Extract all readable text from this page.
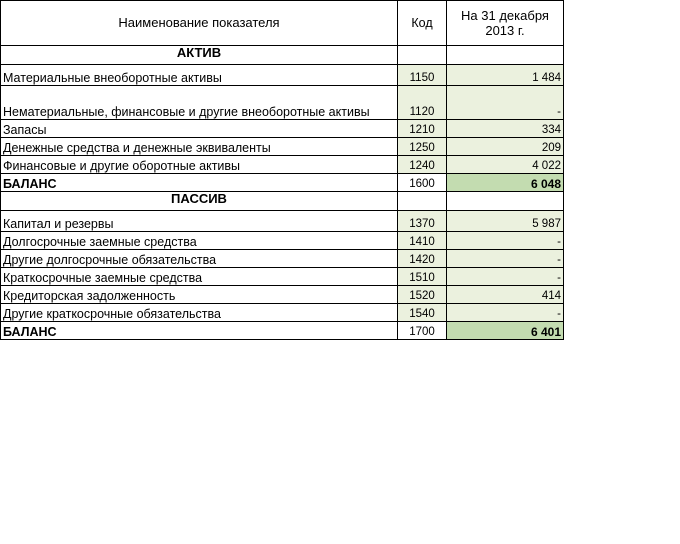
Наименование показателя	Код	На 31 декабря 2013 г.
АКТИВ		
Материальные внеоборотные активы	1150	1 484
Нематериальные, финансовые и другие внеоборотные активы	1120	-
Запасы	1210	334
Денежные средства и денежные эквиваленты	1250	209
Финансовые и другие оборотные активы	1240	4 022
БАЛАНС	1600	6 048
ПАССИВ		
Капитал и резервы	1370	5 987
Долгосрочные заемные средства	1410	-
Другие долгосрочные обязательства	1420	-
Краткосрочные заемные средства	1510	-
Кредиторская задолженность	1520	414
Другие краткосрочные обязательства	1540	-
БАЛАНС	1700	6 401
